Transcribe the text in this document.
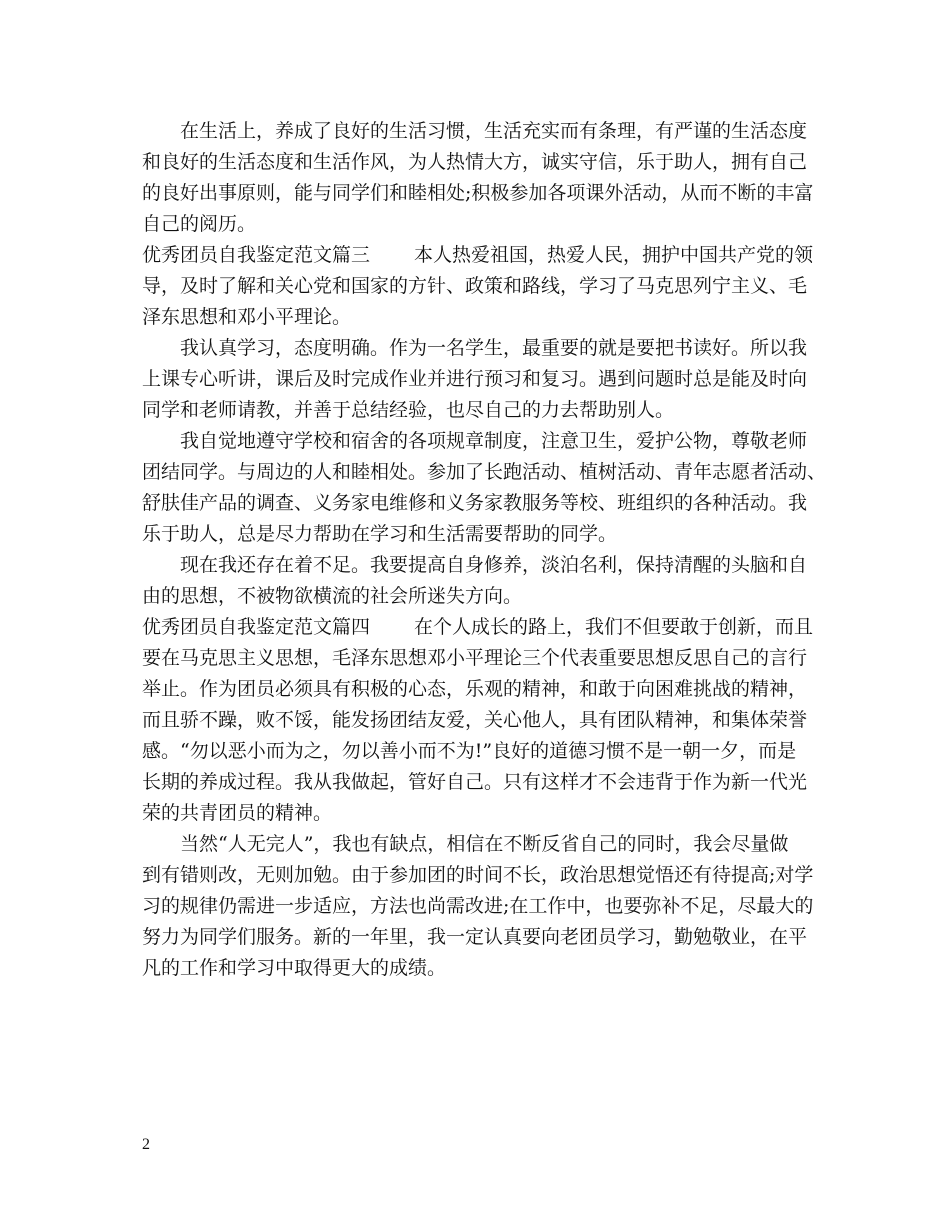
在生活上，养成了良好的生活习惯，生活充实而有条理，有严谨的生活态度
和良好的生活态度和生活作风，为人热情大方，诚实守信，乐于助人，拥有自己
的良好出事原则，能与同学们和睦相处;积极参加各项课外活动，从而不断的丰富
自己的阅历。
优秀团员自我鉴定范文篇三 本人热爱祖国，热爱人民，拥护中国共产党的领
导，及时了解和关心党和国家的方针、政策和路线，学习了马克思列宁主义、毛
泽东思想和邓小平理论。
我认真学习，态度明确。作为一名学生，最重要的就是要把书读好。所以我
上课专心听讲，课后及时完成作业并进行预习和复习。遇到问题时总是能及时向
同学和老师请教，并善于总结经验，也尽自己的力去帮助别人。
我自觉地遵守学校和宿舍的各项规章制度，注意卫生，爱护公物，尊敬老师
团结同学。与周边的人和睦相处。参加了长跑活动、植树活动、青年志愿者活动、
舒肤佳产品的调查、义务家电维修和义务家教服务等校、班组织的各种活动。我
乐于助人，总是尽力帮助在学习和生活需要帮助的同学。
现在我还存在着不足。我要提高自身修养，淡泊名利，保持清醒的头脑和自
由的思想，不被物欲横流的社会所迷失方向。
优秀团员自我鉴定范文篇四 在个人成长的路上，我们不但要敢于创新，而且
要在马克思主义思想，毛泽东思想邓小平理论三个代表重要思想反思自己的言行
举止。作为团员必须具有积极的心态，乐观的精神，和敢于向困难挑战的精神，
而且骄不躁，败不馁，能发扬团结友爱，关心他人，具有团队精神，和集体荣誉
感。“勿以恶小而为之，勿以善小而不为!”良好的道德习惯不是一朝一夕，而是
长期的养成过程。我从我做起，管好自己。只有这样才不会违背于作为新一代光
荣的共青团员的精神。
当然“人无完人”，我也有缺点，相信在不断反省自己的同时，我会尽量做
到有错则改，无则加勉。由于参加团的时间不长，政治思想觉悟还有待提高;对学
习的规律仍需进一步适应，方法也尚需改进;在工作中，也要弥补不足，尽最大的
努力为同学们服务。新的一年里，我一定认真要向老团员学习，勤勉敬业，在平
凡的工作和学习中取得更大的成绩。
2
